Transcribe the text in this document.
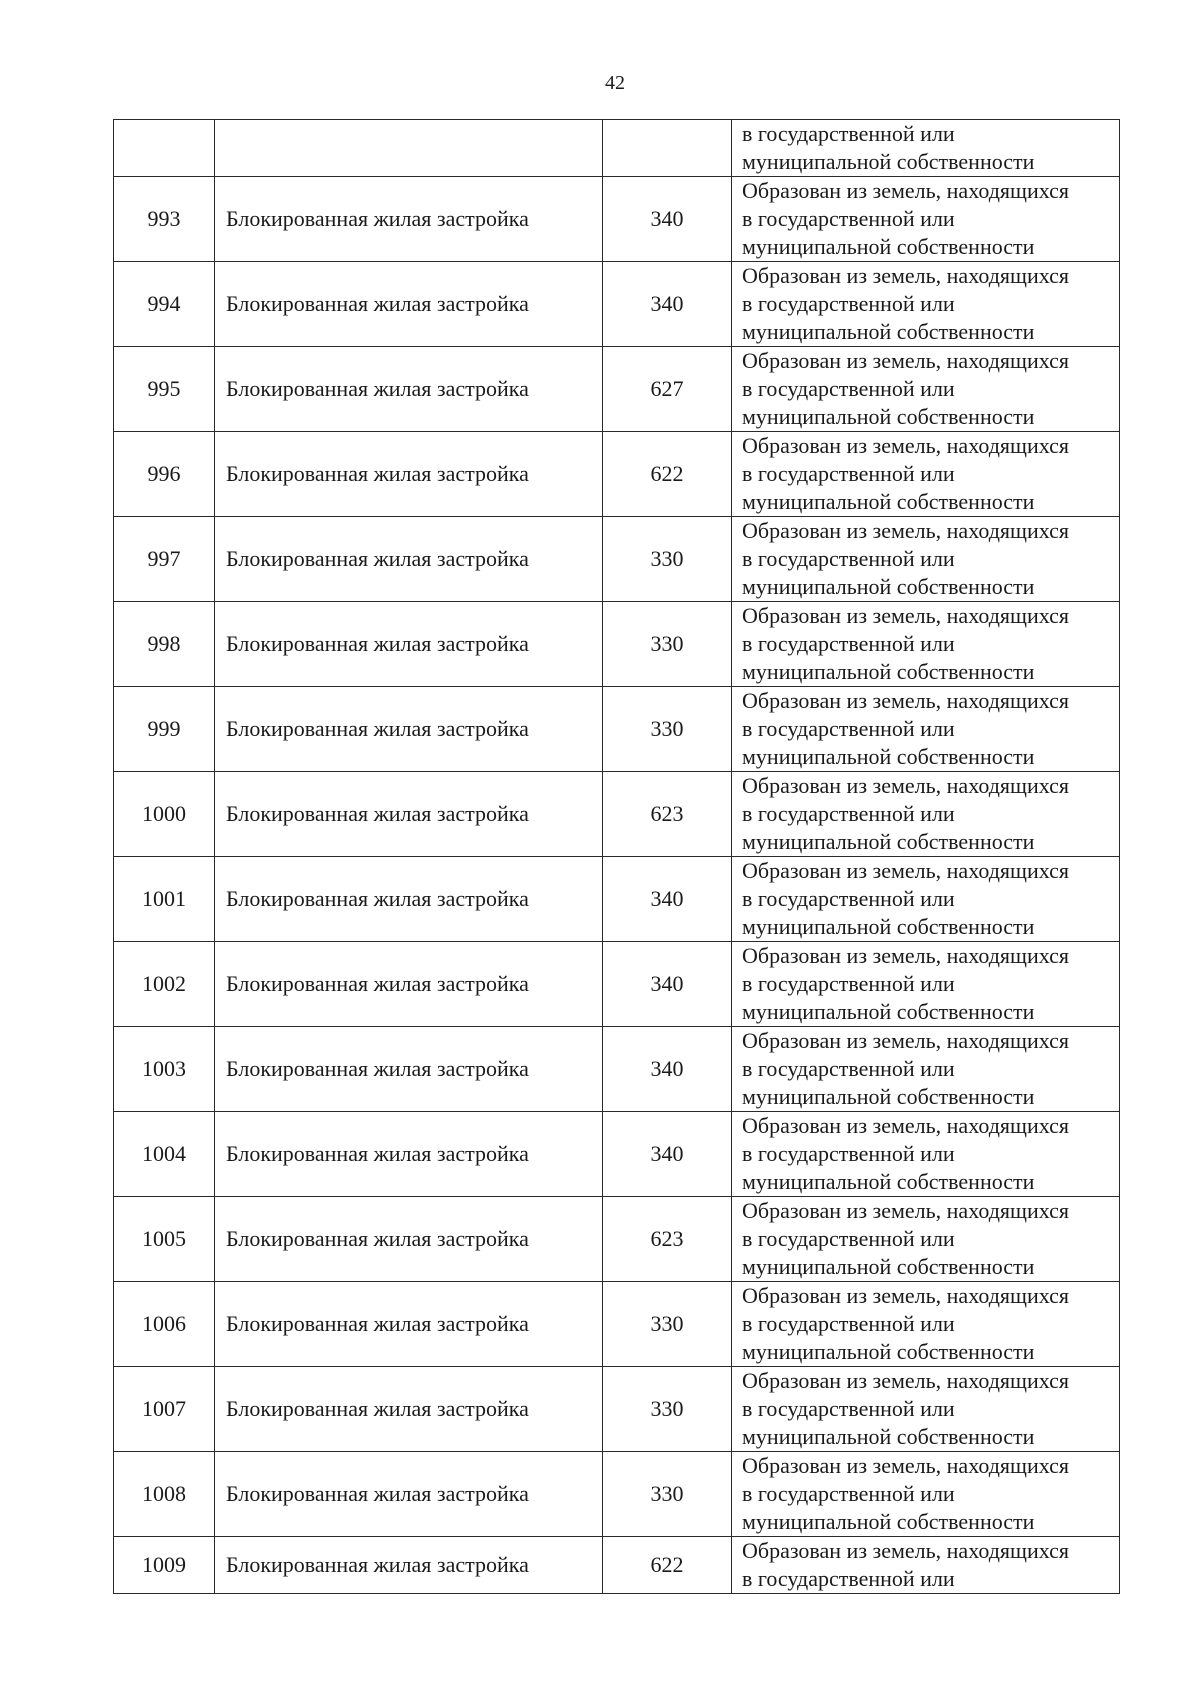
42

			в государственной или
муниципальной собственности

993	Блокированная жилая застройка	340	Образован из земель, находящихся
в государственной или
муниципальной собственности

994	Блокированная жилая застройка	340	Образован из земель, находящихся
в государственной или
муниципальной собственности

995	Блокированная жилая застройка	627	Образован из земель, находящихся
в государственной или
муниципальной собственности

996	Блокированная жилая застройка	622	Образован из земель, находящихся
в государственной или
муниципальной собственности

997	Блокированная жилая застройка	330	Образован из земель, находящихся
в государственной или
муниципальной собственности

998	Блокированная жилая застройка	330	Образован из земель, находящихся
в государственной или
муниципальной собственности

999	Блокированная жилая застройка	330	Образован из земель, находящихся
в государственной или
муниципальной собственности

1000	Блокированная жилая застройка	623	Образован из земель, находящихся
в государственной или
муниципальной собственности

1001	Блокированная жилая застройка	340	Образован из земель, находящихся
в государственной или
муниципальной собственности

1002	Блокированная жилая застройка	340	Образован из земель, находящихся
в государственной или
муниципальной собственности

1003	Блокированная жилая застройка	340	Образован из земель, находящихся
в государственной или
муниципальной собственности

1004	Блокированная жилая застройка	340	Образован из земель, находящихся
в государственной или
муниципальной собственности

1005	Блокированная жилая застройка	623	Образован из земель, находящихся
в государственной или
муниципальной собственности

1006	Блокированная жилая застройка	330	Образован из земель, находящихся
в государственной или
муниципальной собственности

1007	Блокированная жилая застройка	330	Образован из земель, находящихся
в государственной или
муниципальной собственности

1008	Блокированная жилая застройка	330	Образован из земель, находящихся
в государственной или
муниципальной собственности

1009	Блокированная жилая застройка	622	Образован из земель, находящихся
в государственной или
